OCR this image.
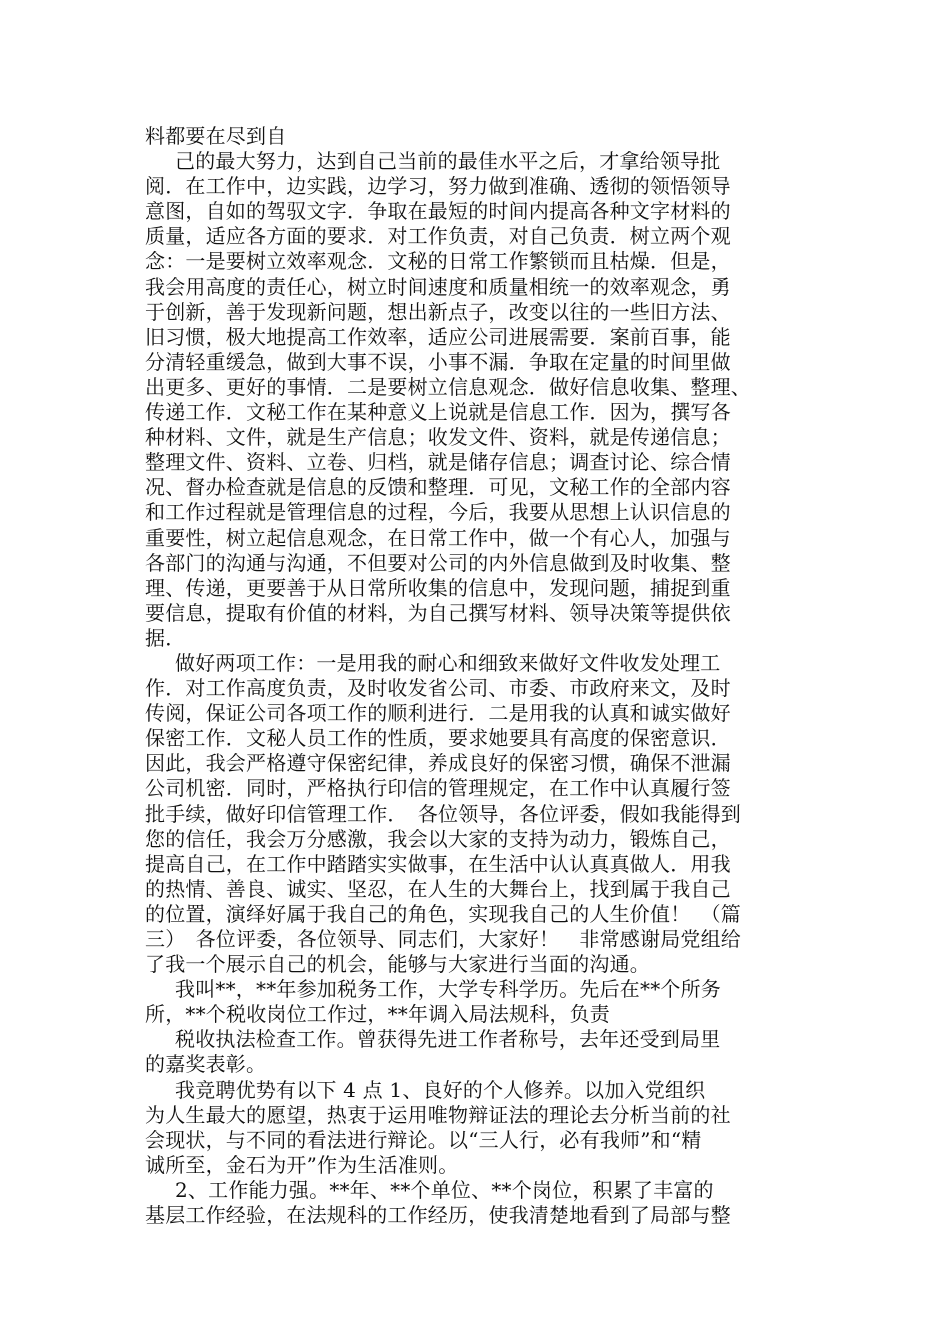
料都要在尽到自
己的最大努力，达到自己当前的最佳水平之后，才拿给领导批
阅．在工作中，边实践，边学习，努力做到准确、透彻的领悟领导
意图，自如的驾驭文字．争取在最短的时间内提高各种文字材料的
质量，适应各方面的要求．对工作负责，对自己负责．树立两个观
念：一是要树立效率观念．文秘的日常工作繁锁而且枯燥．但是，
我会用高度的责任心，树立时间速度和质量相统一的效率观念，勇
于创新，善于发现新问题，想出新点子，改变以往的一些旧方法、
旧习惯，极大地提高工作效率，适应公司进展需要．案前百事，能
分清轻重缓急，做到大事不误，小事不漏．争取在定量的时间里做
出更多、更好的事情．二是要树立信息观念．做好信息收集、整理、
传递工作．文秘工作在某种意义上说就是信息工作．因为，撰写各
种材料、文件，就是生产信息；收发文件、资料，就是传递信息；
整理文件、资料、立卷、归档，就是储存信息；调查讨论、综合情
况、督办检查就是信息的反馈和整理．可见，文秘工作的全部内容
和工作过程就是管理信息的过程，今后，我要从思想上认识信息的
重要性，树立起信息观念，在日常工作中，做一个有心人，加强与
各部门的沟通与沟通，不但要对公司的内外信息做到及时收集、整
理、传递，更要善于从日常所收集的信息中，发现问题，捕捉到重
要信息，提取有价值的材料，为自己撰写材料、领导决策等提供依
据．
做好两项工作：一是用我的耐心和细致来做好文件收发处理工
作．对工作高度负责，及时收发省公司、市委、市政府来文，及时
传阅，保证公司各项工作的顺利进行．二是用我的认真和诚实做好
保密工作．文秘人员工作的性质，要求她要具有高度的保密意识．
因此，我会严格遵守保密纪律，养成良好的保密习惯，确保不泄漏
公司机密．同时，严格执行印信的管理规定，在工作中认真履行签
批手续，做好印信管理工作．　各位领导，各位评委，假如我能得到
您的信任，我会万分感激，我会以大家的支持为动力，锻炼自己，
提高自己，在工作中踏踏实实做事，在生活中认认真真做人．用我
的热情、善良、诚实、坚忍，在人生的大舞台上，找到属于我自己
的位置，演绎好属于我自己的角色，实现我自己的人生价值！　（篇
三）　各位评委，各位领导、同志们，大家好！　非常感谢局党组给
了我一个展示自己的机会，能够与大家进行当面的沟通。
我叫**，**年参加税务工作，大学专科学历。先后在**个所务
所，**个税收岗位工作过，**年调入局法规科，负责
税收执法检查工作。曾获得先进工作者称号，去年还受到局里
的嘉奖表彰。
我竞聘优势有以下 4 点 1、良好的个人修养。以加入党组织
为人生最大的愿望，热衷于运用唯物辩证法的理论去分析当前的社
会现状，与不同的看法进行辩论。以“三人行，必有我师”和“精
诚所至，金石为开”作为生活准则。
2、工作能力强。**年、**个单位、**个岗位，积累了丰富的
基层工作经验，在法规科的工作经历，使我清楚地看到了局部与整
